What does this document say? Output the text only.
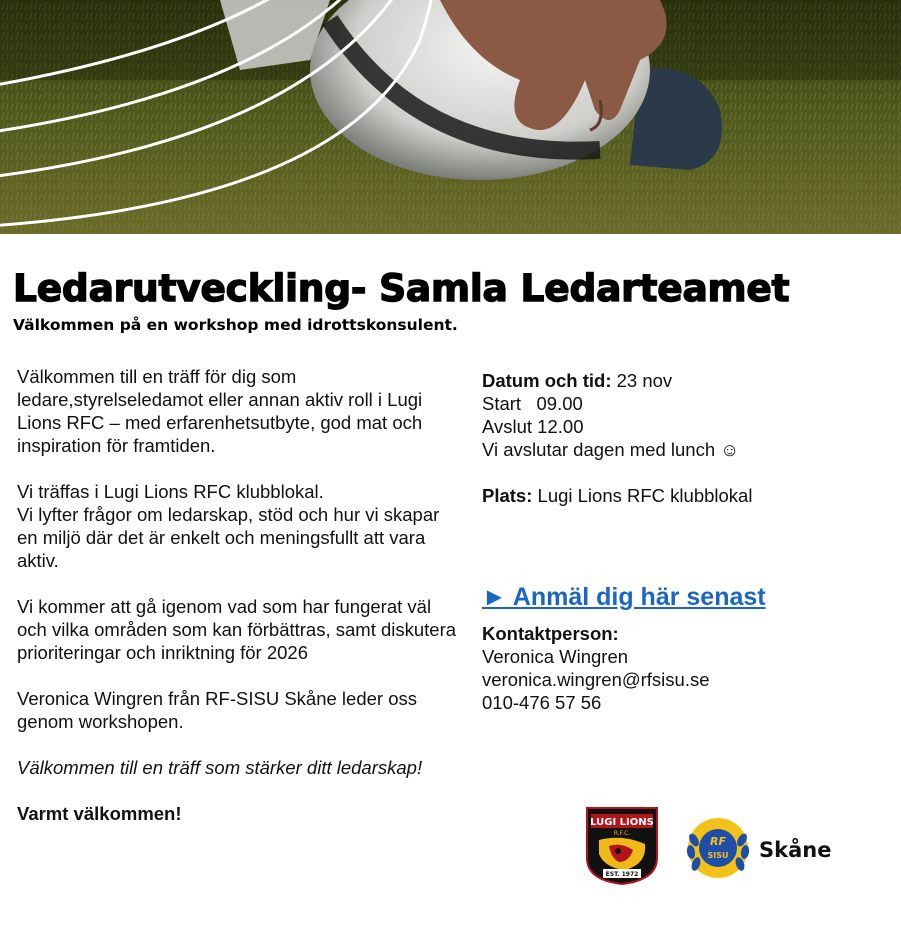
Ledarutveckling- Samla Ledarteamet

Välkommen på en workshop med idrottskonsulent.

Välkommen till en träff för dig som ledare,styrelseledamot eller annan aktiv roll i Lugi Lions RFC – med erfarenhetsutbyte, god mat och inspiration för framtiden.

Vi träffas i Lugi Lions RFC klubblokal.
Vi lyfter frågor om ledarskap, stöd och hur vi skapar en miljö där det är enkelt och meningsfullt att vara aktiv.

Vi kommer att gå igenom vad som har fungerat väl och vilka områden som kan förbättras, samt diskutera prioriteringar och inriktning för 2026

Veronica Wingren från RF-SISU Skåne leder oss genom workshopen.

Välkommen till en träff som stärker ditt ledarskap!

Varmt välkommen!

Datum och tid: 23 nov
Start   09.00
Avslut 12.00
Vi avslutar dagen med lunch ☺
Plats: Lugi Lions RFC klubblokal
► Anmäl dig här senast
Kontaktperson:
Veronica Wingren
veronica.wingren@rfsisu.se
010-476 57 56
LUGI LIONS
R.F.C.
EST. 1972
RF
SISU Skåne
